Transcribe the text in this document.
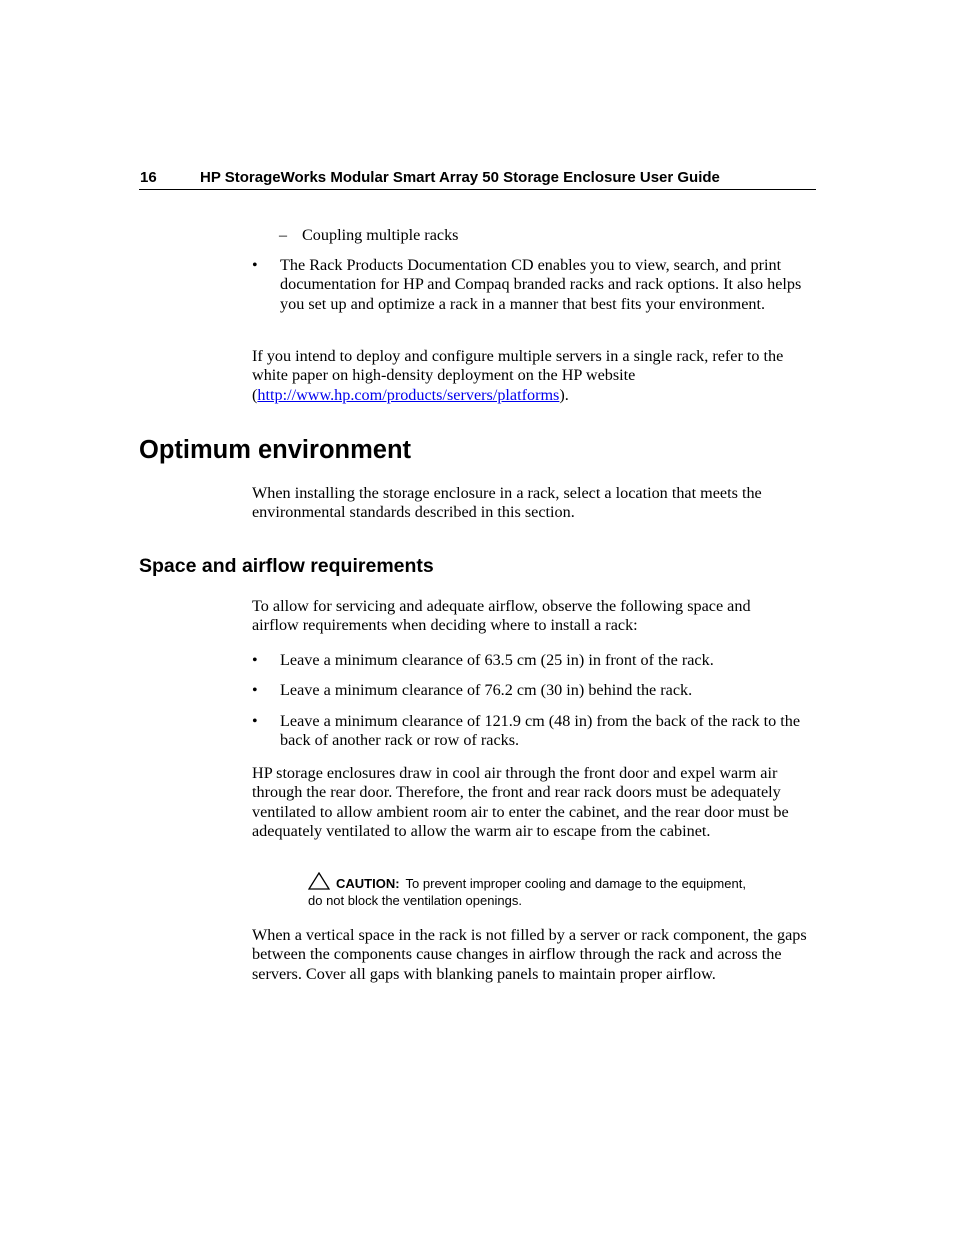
16	HP StorageWorks Modular Smart Array 50 Storage Enclosure User Guide
– Coupling multiple racks
• The Rack Products Documentation CD enables you to view, search, and print documentation for HP and Compaq branded racks and rack options. It also helps you set up and optimize a rack in a manner that best fits your environment.
If you intend to deploy and configure multiple servers in a single rack, refer to the white paper on high-density deployment on the HP website (http://www.hp.com/products/servers/platforms).
Optimum environment
When installing the storage enclosure in a rack, select a location that meets the environmental standards described in this section.
Space and airflow requirements
To allow for servicing and adequate airflow, observe the following space and airflow requirements when deciding where to install a rack:
• Leave a minimum clearance of 63.5 cm (25 in) in front of the rack.
• Leave a minimum clearance of 76.2 cm (30 in) behind the rack.
• Leave a minimum clearance of 121.9 cm (48 in) from the back of the rack to the back of another rack or row of racks.
HP storage enclosures draw in cool air through the front door and expel warm air through the rear door. Therefore, the front and rear rack doors must be adequately ventilated to allow ambient room air to enter the cabinet, and the rear door must be adequately ventilated to allow the warm air to escape from the cabinet.
CAUTION: To prevent improper cooling and damage to the equipment, do not block the ventilation openings.
When a vertical space in the rack is not filled by a server or rack component, the gaps between the components cause changes in airflow through the rack and across the servers. Cover all gaps with blanking panels to maintain proper airflow.
